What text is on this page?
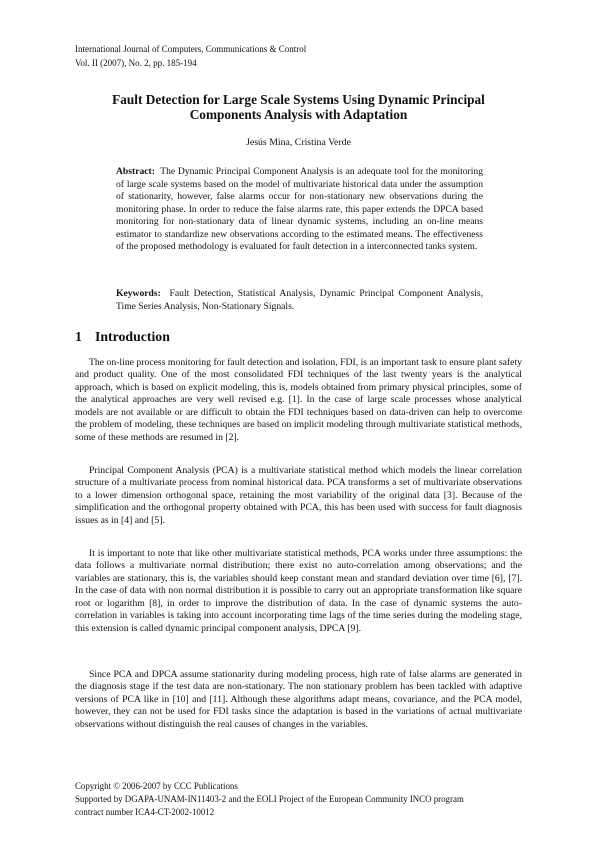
International Journal of Computers, Communications & Control
Vol. II (2007), No. 2, pp. 185-194
Fault Detection for Large Scale Systems Using Dynamic Principal
Components Analysis with Adaptation
Jesús Mina, Cristina Verde

Abstract: The Dynamic Principal Component Analysis is an adequate tool for the monitoring of large scale systems based on the model of multivariate historical data under the assumption of stationarity, however, false alarms occur for non-stationary new observations during the monitoring phase. In order to reduce the false alarms rate, this paper extends the DPCA based monitoring for non-stationary data of linear dynamic systems, including an on-line means estimator to standardize new observations according to the estimated means. The effectiveness of the proposed methodology is evaluated for fault detection in a interconnected tanks system.

Keywords: Fault Detection, Statistical Analysis, Dynamic Principal Component Analysis, Time Series Analysis, Non-Stationary Signals.

1 Introduction

The on-line process monitoring for fault detection and isolation, FDI, is an important task to ensure plant safety and product quality. One of the most consolidated FDI techniques of the last twenty years is the analytical approach, which is based on explicit modeling, this is, models obtained from primary physical principles, some of the analytical approaches are very well revised e.g. [1]. In the case of large scale processes whose analytical models are not available or are difficult to obtain the FDI techniques based on data-driven can help to overcome the problem of modeling, these techniques are based on implicit modeling through multivariate statistical methods, some of these methods are resumed in [2].

Principal Component Analysis (PCA) is a multivariate statistical method which models the linear correlation structure of a multivariate process from nominal historical data. PCA transforms a set of multivariate observations to a lower dimension orthogonal space, retaining the most variability of the original data [3]. Because of the simplification and the orthogonal property obtained with PCA, this has been used with success for fault diagnosis issues as in [4] and [5].

It is important to note that like other multivariate statistical methods, PCA works under three assumptions: the data follows a multivariate normal distribution; there exist no auto-correlation among observations; and the variables are stationary, this is, the variables should keep constant mean and standard deviation over time [6], [7]. In the case of data with non normal distribution it is possible to carry out an appropriate transformation like square root or logarithm [8], in order to improve the distribution of data. In the case of dynamic systems the auto-correlation in variables is taking into account incorporating time lags of the time series during the modeling stage, this extension is called dynamic principal component analysis, DPCA [9].

Since PCA and DPCA assume stationarity during modeling process, high rate of false alarms are generated in the diagnosis stage if the test data are non-stationary. The non stationary problem has been tackled with adaptive versions of PCA like in [10] and [11]. Although these algorithms adapt means, covariance, and the PCA model, however, they can not be used for FDI tasks since the adaptation is based in the variations of actual multivariate observations without distinguish the real causes of changes in the variables.

Copyright © 2006-2007 by CCC Publications
Supported by DGAPA-UNAM-IN11403-2 and the EOLI Project of the European Community INCO program
contract number ICA4-CT-2002-10012
